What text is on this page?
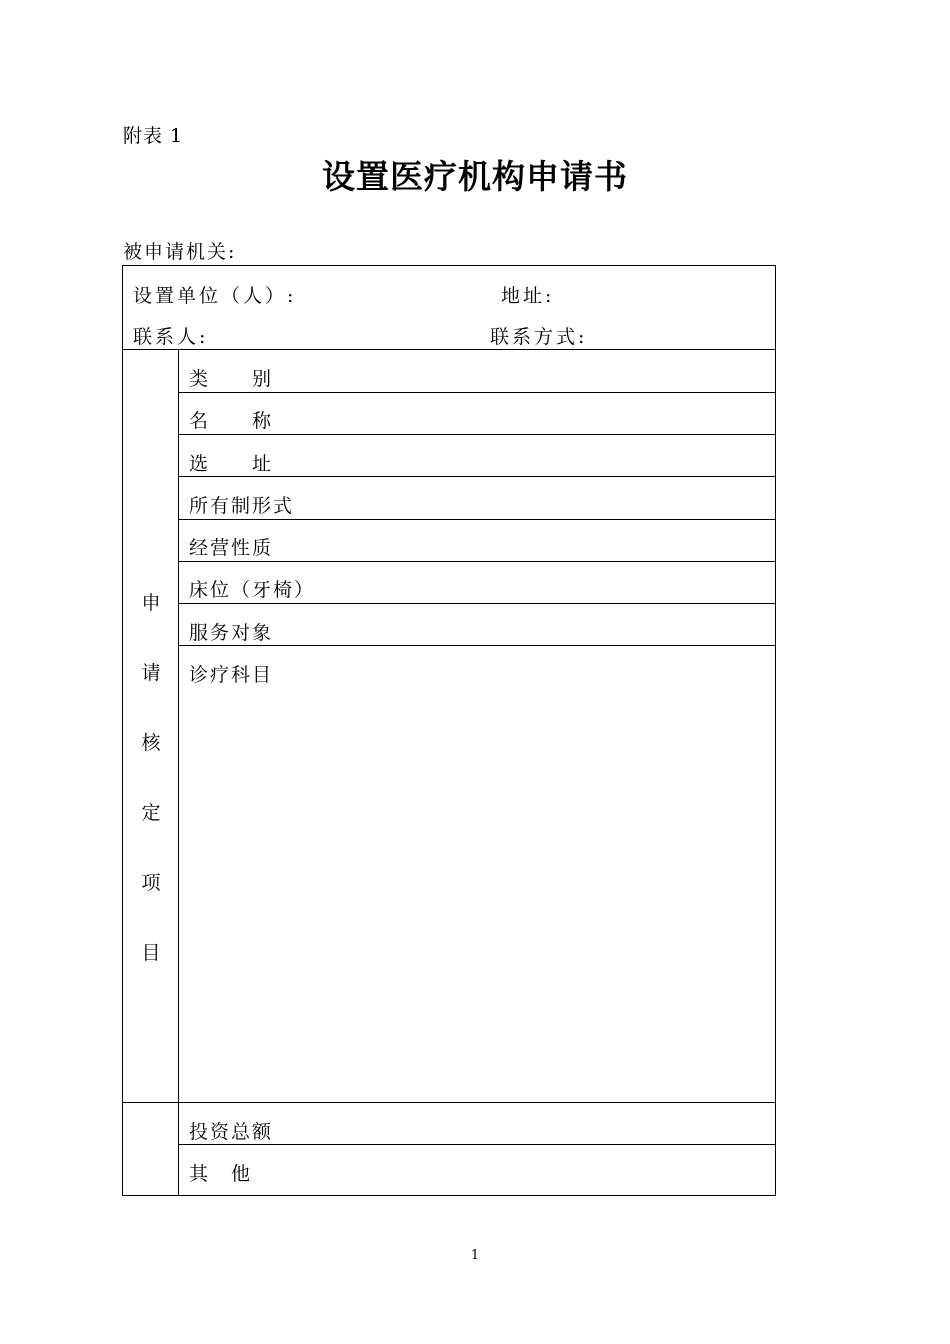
附表 1
设置医疗机构申请书
被申请机关:
设置单位（人）:	地址:
联系人:	联系方式:
申
请
核
定
项
目
类　　别
名　　称
选　　址
所有制形式
经营性质
床位（牙椅）
服务对象
诊疗科目
投资总额
其　他
1
